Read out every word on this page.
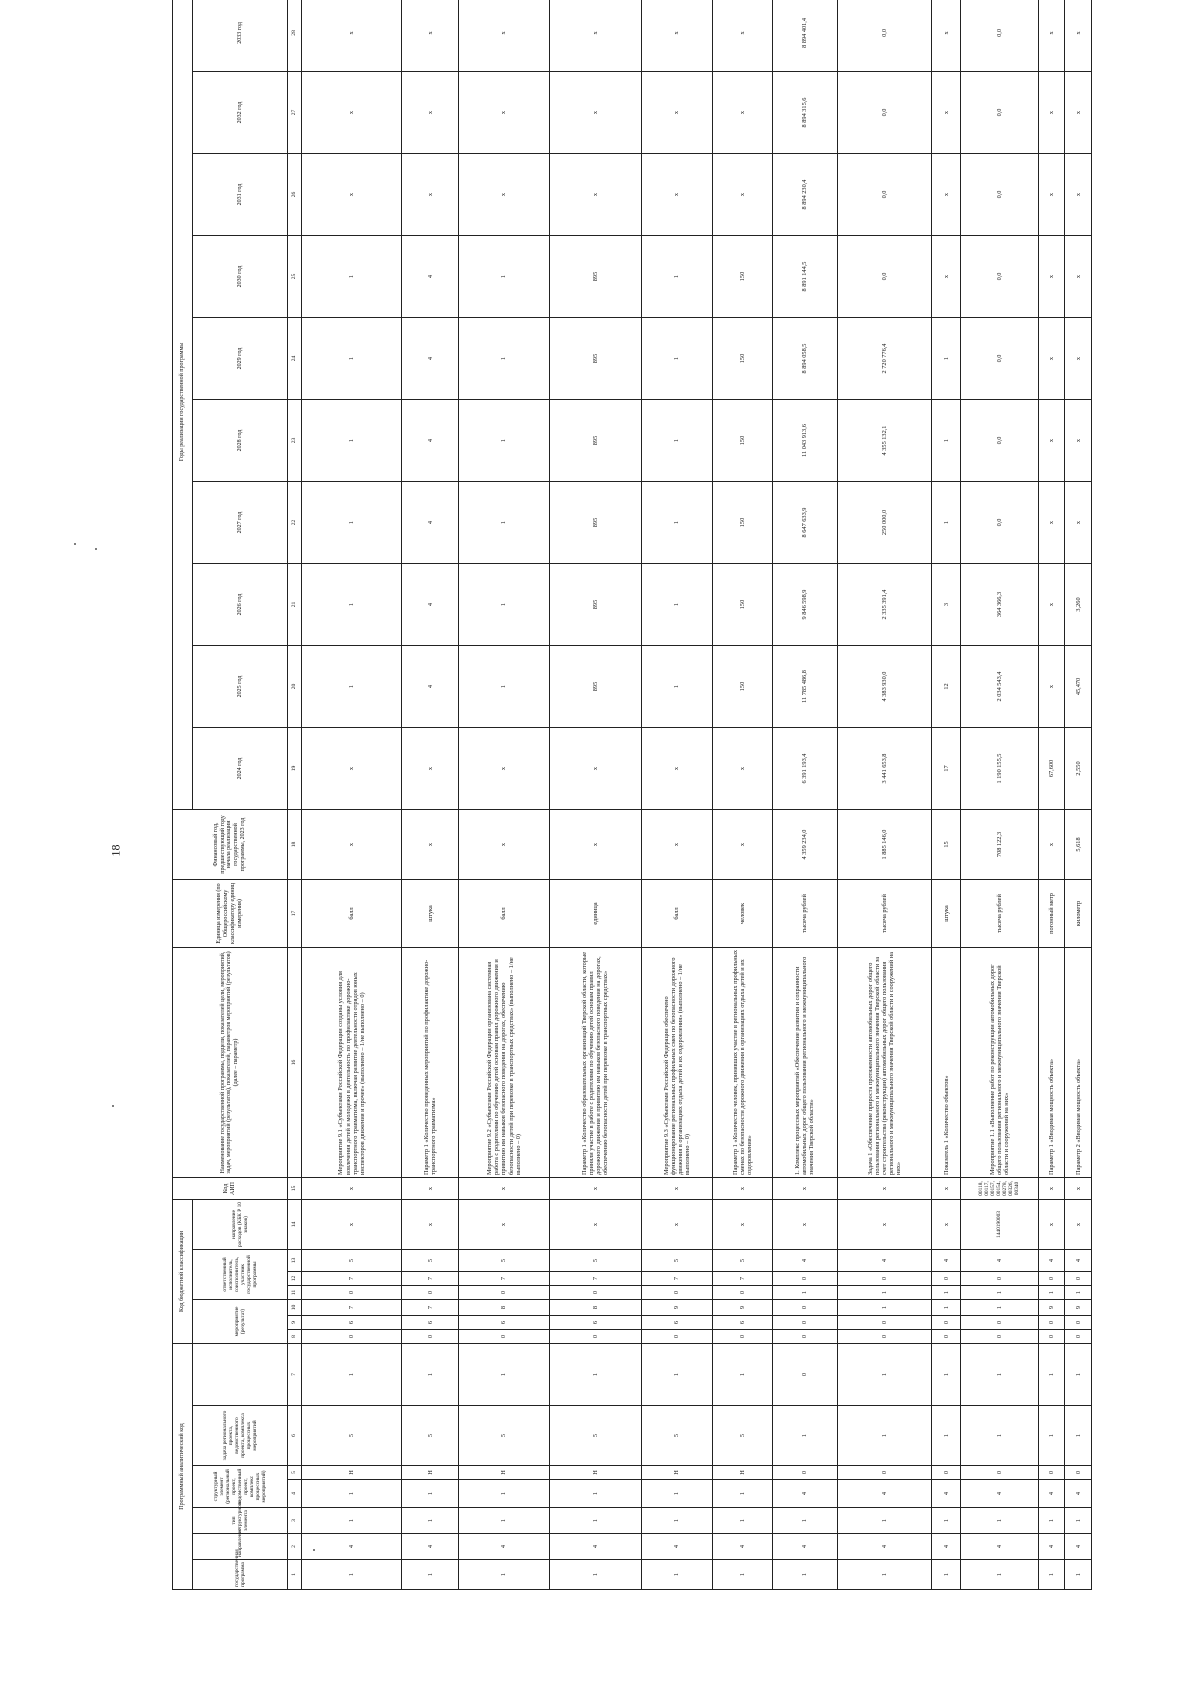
18
Программный аналитический код							Код бюджетной классификации							Код АИП	Наименование государственной программы, подцели, показателей цели, мероприятий, задач, мероприятий (результатов), показателей, параметров мероприятий (результатов) (далее – параметр)	Единица измерения (по Общероссийскому классификатору единиц измерения)	Финансовый год, предшествующий году начала реализации государственной программы, 2023 год	Годы реализации государственной программы									
государственная программа	направление	тип структурного элемента	структурный элемент (региональный проект, ведомственный проект, комплекс процессных мероприятий)		задача регионального проекта, ведомственного проекта, комплекса процессных мероприятий		мероприятие (результат)			ответственный исполнитель, соисполнитель, участник государственной программы			направление расходов (КБК Р 10 знаков)					2024 год	2025 год	2026 год	2027 год	2028 год	2029 год	2030 год	2031 год	2032 год	2033 год
1	2	3	4	5	6	7	8	9	10	11	12	13	14	15	16	17	18	19	20	21	22	23	24	25	26	27	28
1	4	1	1	Н	5	1	0	6	7	0	7	5	х	х	Мероприятие 9.1 «Субъектами Российской Федерации созданы условия для вовлечения детей и молодежи в деятельность по профилактике дорожно-транспортного травматизма, включая развитие деятельности отрядов юных инспекторов движения и прочее» (выполнено – 1/не выполнено – 0)	балл	х	х	1	1	1	1	1	1	х	х	х
1	4	1	1	Н	5	1	0	6	7	0	7	5	х	х	Параметр 1 «Количество проведенных мероприятий по профилактике дорожно-транспортного травматизма»	штука	х	х	4	4	4	4	4	4	х	х	х
1	4	1	1	Н	5	1	0	6	8	0	7	5	х	х	Мероприятие 9.2 «Субъектами Российской Федерации организована системная работа с родителями по обучению детей основам правил дорожного движения и привитию им навыков безопасного поведения на дорогах, обеспечению безопасности детей при перевозке в транспортных средствах» (выполнено – 1/не выполнено – 0)	балл	х	х	1	1	1	1	1	1	х	х	х
1	4	1	1	Н	5	1	0	6	8	0	7	5	х	х	Параметр 1 «Количество образовательных организаций Тверской области, которые приняли участие в работе с родителями по обучению детей основам правил дорожного движения и привитию им навыков безопасного поведения на дорогах, обеспечению безопасности детей при перевозке в транспортных средствах»	единица	х	х	895	895	895	895	895	895	х	х	х
1	4	1	1	Н	5	1	0	6	9	0	7	5	х	х	Мероприятие 9.3 «Субъектами Российской Федерации обеспечено функционирование региональных профильных смен по безопасности дорожного движения в организациях отдыха детей и их оздоровления» (выполнено – 1/не выполнено – 0)	балл	х	х	1	1	1	1	1	1	х	х	х
1	4	1	1	Н	5	1	0	6	9	0	7	5	х	х	Параметр 1 «Количество человек, принявших участие в региональных профильных сменах по безопасности дорожного движения в организациях отдыха детей и их оздоровления»	человек	х	х	150	150	150	150	150	150	х	х	х
1	4	1	4	0	1	0	0	0	0	1	0	4	х	х	1. Комплекс процессных мероприятий «Обеспечение развития и сохранности автомобильных дорог общего пользования регионального и межмуниципального значения Тверской области»	тысяча рублей	4 359 234,0	6 391 193,4	11 785 486,8	9 846 598,9	8 647 633,9	11 043 913,6	8 894 058,5	8 891 144,5	8 894 230,4	8 894 315,6	8 894 401,4
1	4	1	4	0	1	1	0	0	1	1	0	4	х	х	Задача 1 «Обеспечение прироста протяженности автомобильных дорог общего пользования регионального и межмуниципального значения Тверской области за счет строительства (реконструкции) автомобильных дорог общего пользования регионального и межмуниципального значения Тверской области и сооружений на них»	тысяча рублей	1 885 146,0	3 441 653,8	4 383 930,0	2 335 391,4	250 000,0	4 355 132,1	2 720 776,4	0,0	0,0	0,0	0,0
1	4	1	4	0	1	1	0	0	1	1	0	4	х	х	Показатель 1 «Количество объектов»	штука	15	17	12	3	1	1	1	х	х	х	х
1	4	1	4	0	1	1	0	0	1	1	0	4	1440190003	00118, 00117, 00157, 00154, 00278, 00326, 00340	Мероприятие 1.1 «Выполнение работ по реконструкции автомобильных дорог общего пользования регионального и межмуниципального значения Тверской области и сооружений на них»	тысяча рублей	708 122,3	1 190 155,5	2 034 543,4	364 366,3	0,0	0,0	0,0	0,0	0,0	0,0	0,0
1	4	1	4	0	1	1	0	0	9	1	0	4	х	х	Параметр 1 «Вводимая мощность объекта»	погонный метр	х	67,600	х	х	х	х	х	х	х	х	х
1	4	1	4	0	1	1	0	0	9	1	0	4	х	х	Параметр 2 «Вводимая мощность объекта»	километр	5,618	2,550	45,470	3,260	х	х	х	х	х	х	х
